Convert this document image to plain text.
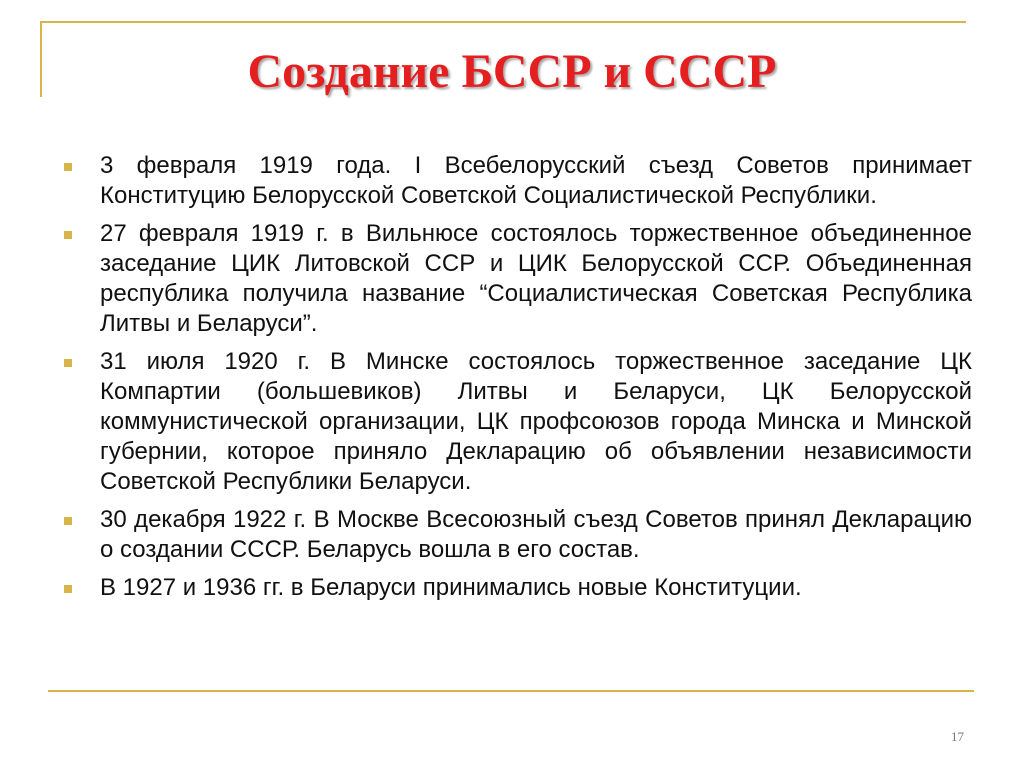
Создание БССР и СССР
3 февраля 1919 года. I Всебелорусский съезд Советов принимает Конституцию Белорусской Советской Социалистической Республики.
27 февраля 1919 г. в Вильнюсе состоялось торжественное объединенное заседание ЦИК Литовской ССР и ЦИК Белорусской ССР. Объединенная республика получила название “Социалистическая Советская Республика Литвы и Беларуси”.
31 июля 1920 г. В Минске состоялось торжественное заседание ЦК Компартии (большевиков) Литвы и Беларуси, ЦК Белорусской коммунистической организации, ЦК профсоюзов города Минска и Минской губернии, которое приняло Декларацию об объявлении независимости Советской Республики Беларуси.
30 декабря 1922 г. В Москве Всесоюзный съезд Советов принял Декларацию о создании СССР. Беларусь вошла в его состав.
В 1927 и 1936 гг. в Беларуси принимались новые Конституции.
17
